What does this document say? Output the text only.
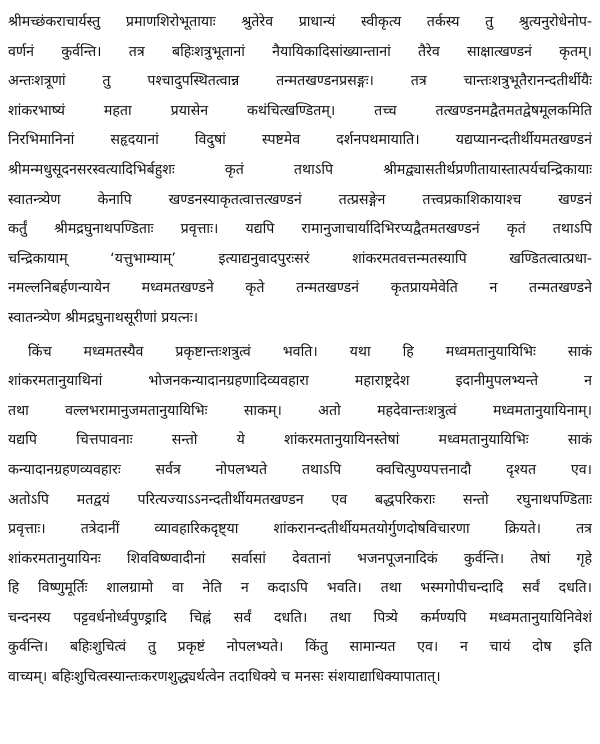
श्रीमच्छंकराचार्यस्तु प्रमाणशिरोभूतायाः श्रुतेरेव प्राधान्यं स्वीकृत्य तर्कस्य तु श्रुत्यनुरोधेनोप-
वर्णनं कुर्वन्ति। तत्र बहिःशत्रुभूतानां नैयायिकादिसांख्यान्तानां तैरेव साक्षात्खण्डनं कृतम्।
अन्तःशत्रूणां तु पश्चादुपस्थितत्वान्न तन्मतखण्डनप्रसङ्गः। तत्र चान्तःशत्रुभूतैरानन्दतीर्थीयैः
शांकरभाष्यं महता प्रयासेन कथंचित्खण्डितम्। तच्च तत्खण्डनमद्वैतमतद्वेषमूलकमिति
निरभिमानिनां सहृदयानां विदुषां स्पष्टमेव दर्शनपथमायाति। यद्यप्यानन्दतीर्थीयमतखण्डनं
श्रीमन्मधुसूदनसरस्वत्यादिभिर्बहुशः कृतं तथाऽपि श्रीमद्व्यासतीर्थप्रणीतायास्तात्पर्यचन्द्रिकायाः
स्वातन्त्र्येण केनापि खण्डनस्याकृतत्वात्तत्खण्डनं तत्प्रसङ्गेन तत्त्वप्रकाशिकायाश्च खण्डनं
कर्तुं श्रीमद्रघुनाथपण्डिताः प्रवृत्ताः। यद्यपि रामानुजाचार्यादिभिरप्यद्वैतमतखण्डनं कृतं तथाऽपि
चन्द्रिकायाम् ‘यत्तुभाम्याम्’ इत्याद्यनुवादपुरःसरं शांकरमतवत्तन्मतस्यापि खण्डितत्वात्प्रधा-
नमल्लनिबर्हणन्यायेन मध्वमतखण्डने कृते तन्मतखण्डनं कृतप्रायमेवेति न तन्मतखण्डने
स्वातन्त्र्येण श्रीमद्रघुनाथसूरीणां प्रयत्नः।
किंच मध्वमतस्यैव प्रकृष्टान्तःशत्रुत्वं भवति। यथा हि मध्वमतानुयायिभिः साकं
शांकरमतानुयाथिनां भोजनकन्यादानग्रहणादिव्यवहारा महाराष्ट्रदेश इदानीमुपलभ्यन्ते न
तथा वल्लभरामानुजमतानुयायिभिः साकम्। अतो महदेवान्तःशत्रुत्वं मध्वमतानुयायिनाम्।
यद्यपि चित्तपावनाः सन्तो ये शांकरमतानुयायिनस्तेषां मध्वमतानुयायिभिः साकं
कन्यादानग्रहणव्यवहारः सर्वत्र नोपलभ्यते तथाऽपि क्वचित्पुण्यपत्तनादौ दृश्यत एव।
अतोऽपि मतद्वयं परित्यज्याऽऽनन्दतीर्थीयमतखण्डन एव बद्धपरिकराः सन्तो रघुनाथपण्डिताः
प्रवृत्ताः। तत्रेदानीं व्यावहारिकदृष्ट्या शांकरानन्दतीर्थीयमतयोर्गुणदोषविचारणा क्रियते। तत्र
शांकरमतानुयायिनः शिवविष्ण्वादीनां सर्वासां देवतानां भजनपूजनादिकं कुर्वन्ति। तेषां गृहे
हि विष्णुमूर्तिः शालग्रामो वा नेति न कदाऽपि भवति। तथा भस्मगोपीचन्दादि सर्वं दधति।
चन्दनस्य पट्टवर्धनोर्ध्वपुण्ड्रादि चिह्नं सर्वं दधति। तथा पित्र्ये कर्मण्यपि मध्वमतानुयायिनिवेशं
कुर्वन्ति। बहिःशुचित्वं तु प्रकृष्टं नोपलभ्यते। किंतु सामान्यत एव। न चायं दोष इति
वाच्यम्। बहिःशुचित्वस्यान्तःकरणशुद्ध्यर्थत्वेन तदाधिक्ये च मनसः संशयाद्याधिक्यापातात्।
